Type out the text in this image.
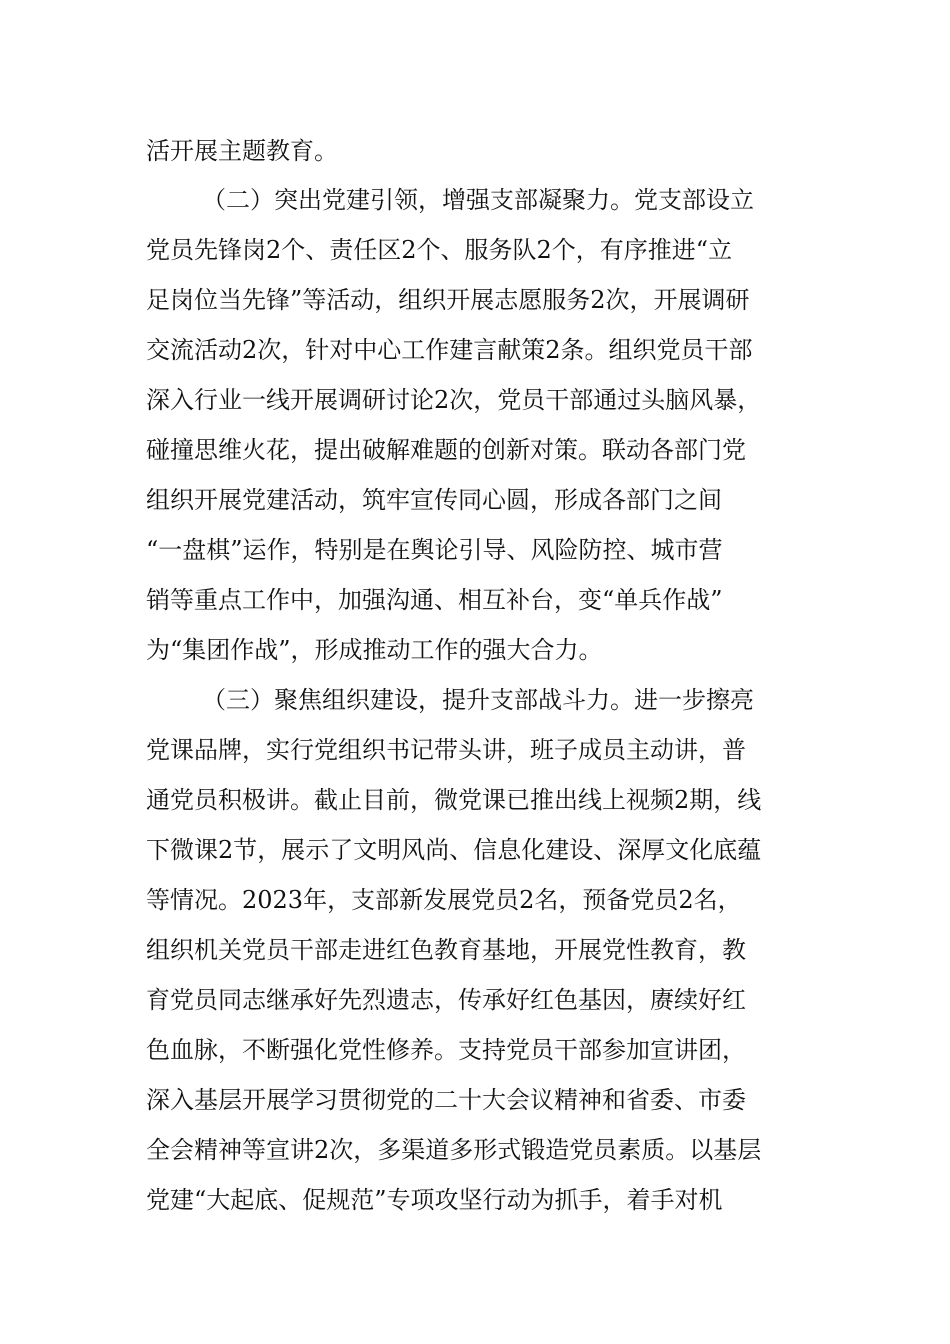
活开展主题教育。
（二）突出党建引领，增强支部凝聚力。党支部设立
党员先锋岗2个、责任区2个、服务队2个，有序推进“立
足岗位当先锋”等活动，组织开展志愿服务2次，开展调研
交流活动2次，针对中心工作建言献策2条。组织党员干部
深入行业一线开展调研讨论2次，党员干部通过头脑风暴，
碰撞思维火花，提出破解难题的创新对策。联动各部门党
组织开展党建活动，筑牢宣传同心圆，形成各部门之间
“一盘棋”运作，特别是在舆论引导、风险防控、城市营
销等重点工作中，加强沟通、相互补台，变“单兵作战”
为“集团作战”，形成推动工作的强大合力。
（三）聚焦组织建设，提升支部战斗力。进一步擦亮
党课品牌，实行党组织书记带头讲，班子成员主动讲，普
通党员积极讲。截止目前，微党课已推出线上视频2期，线
下微课2节，展示了文明风尚、信息化建设、深厚文化底蕴
等情况。2023年，支部新发展党员2名，预备党员2名，
组织机关党员干部走进红色教育基地，开展党性教育，教
育党员同志继承好先烈遗志，传承好红色基因，赓续好红
色血脉，不断强化党性修养。支持党员干部参加宣讲团，
深入基层开展学习贯彻党的二十大会议精神和省委、市委
全会精神等宣讲2次，多渠道多形式锻造党员素质。以基层
党建“大起底、促规范”专项攻坚行动为抓手，着手对机
